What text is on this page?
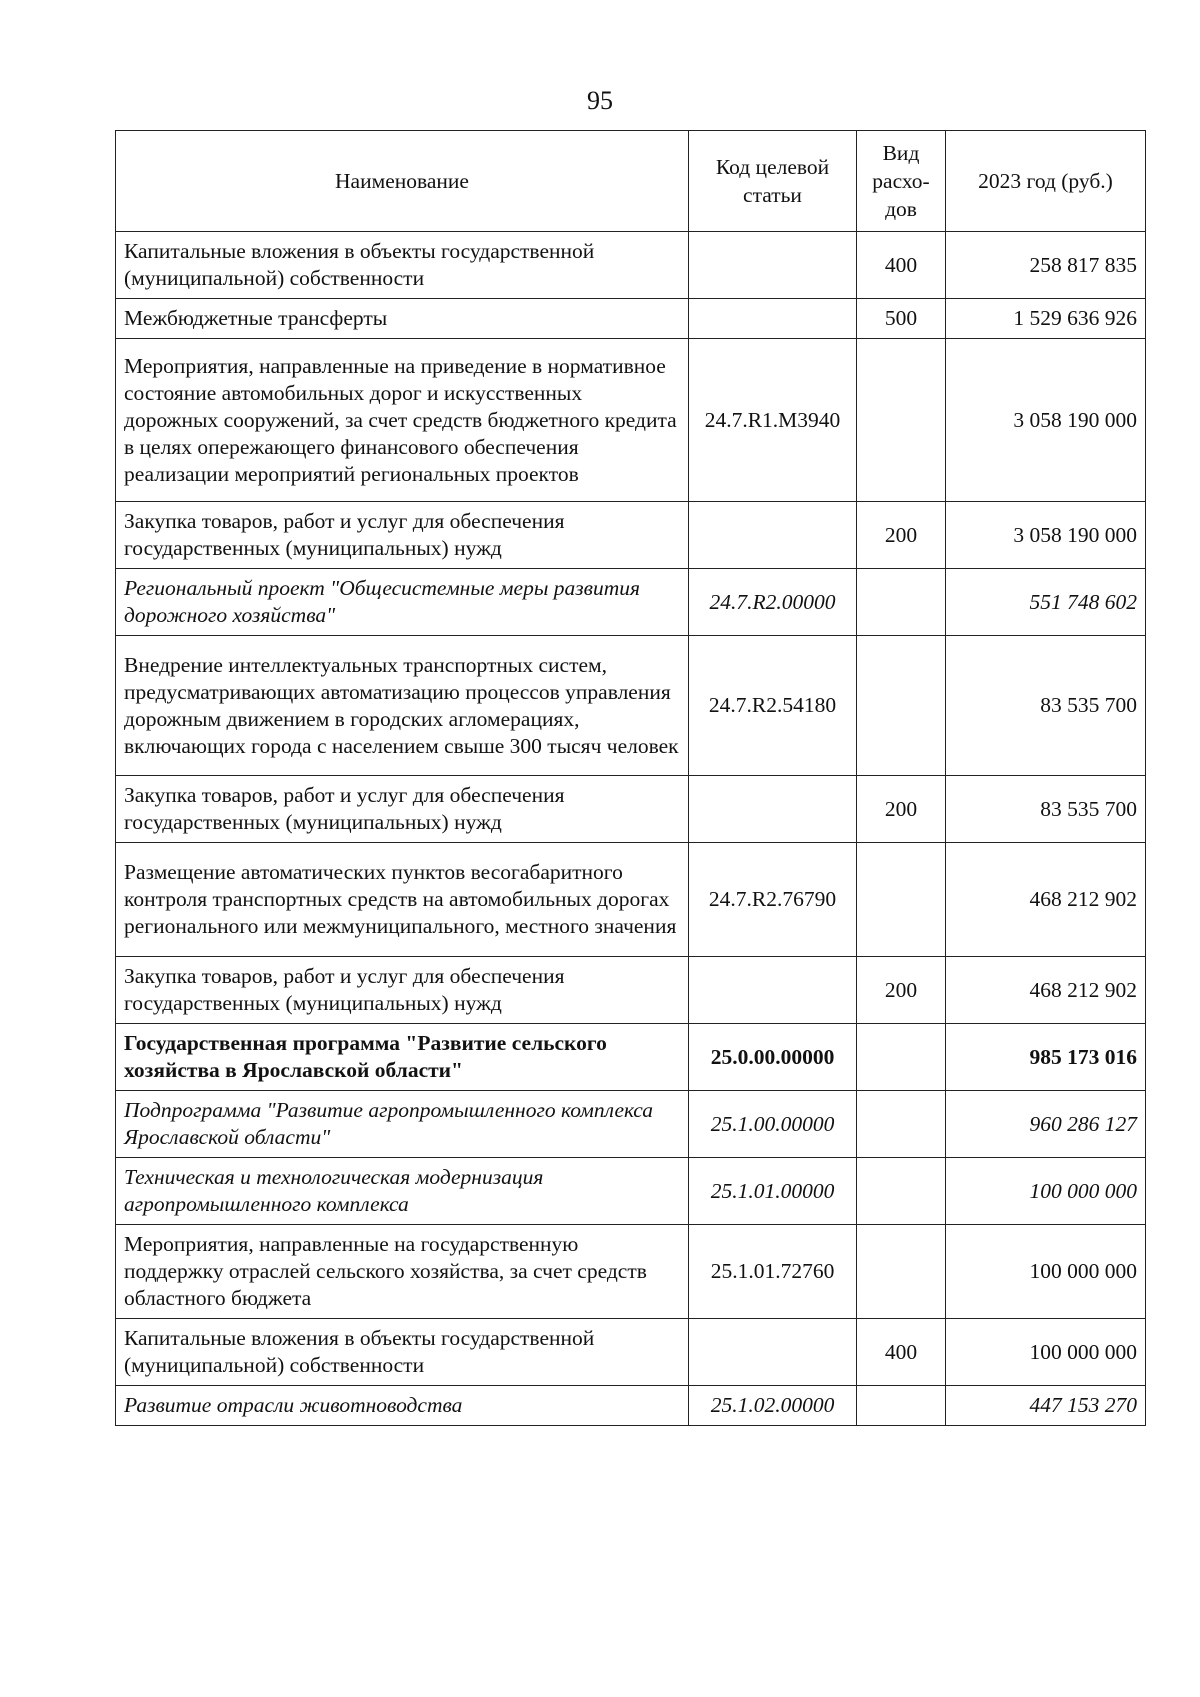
95
Наименование	Код целевой статьи	Вид расхо-дов	2023 год (руб.)
Капитальные вложения в объекты государственной (муниципальной) собственности		400	258 817 835
Межбюджетные трансферты		500	1 529 636 926
Мероприятия, направленные на приведение в нормативное состояние автомобильных дорог и искусственных дорожных сооружений, за счет средств бюджетного кредита в целях опережающего финансового обеспечения реализации мероприятий региональных проектов	24.7.R1.M3940		3 058 190 000
Закупка товаров, работ и услуг для обеспечения государственных (муниципальных) нужд		200	3 058 190 000
Региональный проект "Общесистемные меры развития дорожного хозяйства"	24.7.R2.00000		551 748 602
Внедрение интеллектуальных транспортных систем, предусматривающих автоматизацию процессов управления дорожным движением в городских агломерациях, включающих города с населением свыше 300 тысяч человек	24.7.R2.54180		83 535 700
Закупка товаров, работ и услуг для обеспечения государственных (муниципальных) нужд		200	83 535 700
Размещение автоматических пунктов весогабаритного контроля транспортных средств на автомобильных дорогах регионального или межмуниципального, местного значения	24.7.R2.76790		468 212 902
Закупка товаров, работ и услуг для обеспечения государственных (муниципальных) нужд		200	468 212 902
Государственная программа "Развитие сельского хозяйства в Ярославской области"	25.0.00.00000		985 173 016
Подпрограмма "Развитие агропромышленного комплекса Ярославской области"	25.1.00.00000		960 286 127
Техническая и технологическая модернизация агропромышленного комплекса	25.1.01.00000		100 000 000
Мероприятия, направленные на государственную поддержку отраслей сельского хозяйства, за счет средств областного бюджета	25.1.01.72760		100 000 000
Капитальные вложения в объекты государственной (муниципальной) собственности		400	100 000 000
Развитие отрасли животноводства	25.1.02.00000		447 153 270
